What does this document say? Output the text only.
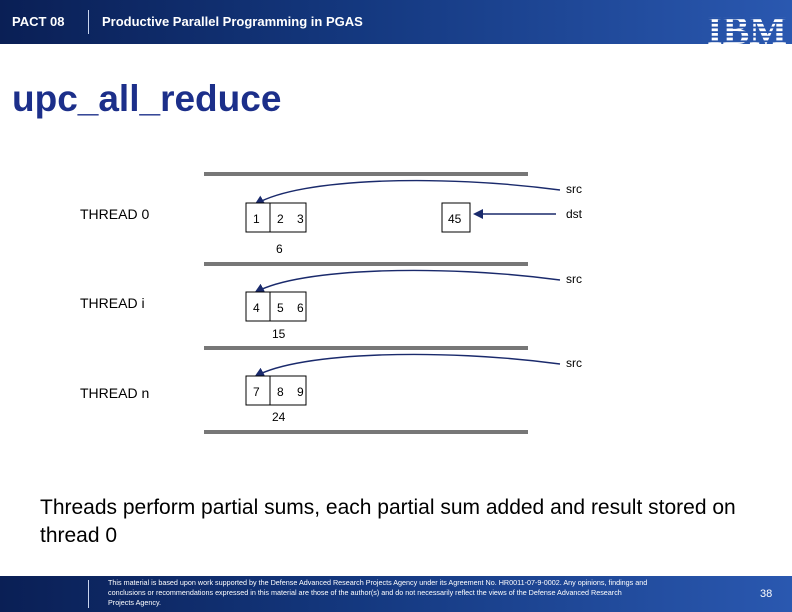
PACT 08	Productive Parallel Programming in PGAS	IBM
upc_all_reduce
THREAD 0
src
dst
1 2 3	45
6
THREAD i
src
4 5 6
15
THREAD n
src
7 8 9
24
Threads perform partial sums, each partial sum added and result stored on thread 0
This material is based upon work supported by the Defense Advanced Research Projects Agency under its Agreement No. HR0011-07-9-0002. Any opinions, findings and conclusions or recommendations expressed in this material are those of the author(s) and do not necessarily reflect the views of the Defense Advanced Research Projects Agency.
38
